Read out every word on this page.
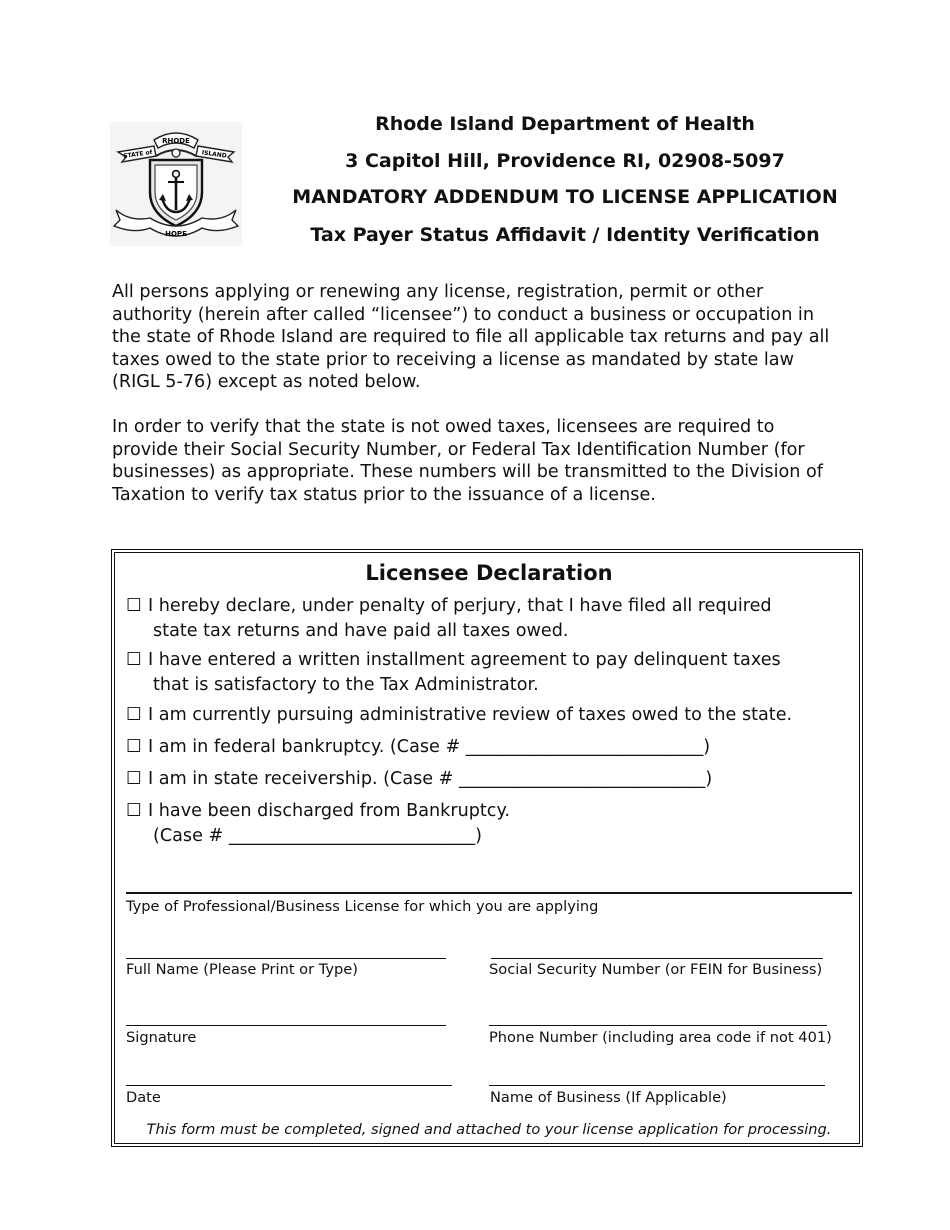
RHODE
STATE of	ISLAND
HOPE
Rhode Island Department of Health
3 Capitol Hill, Providence RI, 02908-5097
MANDATORY ADDENDUM TO LICENSE APPLICATION
Tax Payer Status Affidavit / Identity Verification
All persons applying or renewing any license, registration, permit or other
authority (herein after called “licensee”) to conduct a business or occupation in
the state of Rhode Island are required to file all applicable tax returns and pay all
taxes owed to the state prior to receiving a license as mandated by state law
(RIGL 5-76) except as noted below.
In order to verify that the state is not owed taxes, licensees are required to
provide their Social Security Number, or Federal Tax Identification Number (for
businesses) as appropriate. These numbers will be transmitted to the Division of
Taxation to verify tax status prior to the issuance of a license.
Licensee Declaration
☐ I hereby declare, under penalty of perjury, that I have filed all required
state tax returns and have paid all taxes owed.
☐ I have entered a written installment agreement to pay delinquent taxes
that is satisfactory to the Tax Administrator.
☐ I am currently pursuing administrative review of taxes owed to the state.
☐ I am in federal bankruptcy. (Case # ___________________________)
☐ I am in state receivership. (Case # ____________________________)
☐ I have been discharged from Bankruptcy.
(Case # ____________________________)
Type of Professional/Business License for which you are applying
Full Name (Please Print or Type)	Social Security Number (or FEIN for Business)
Signature	Phone Number (including area code if not 401)
Date	Name of Business (If Applicable)
This form must be completed, signed and attached to your license application for processing.
